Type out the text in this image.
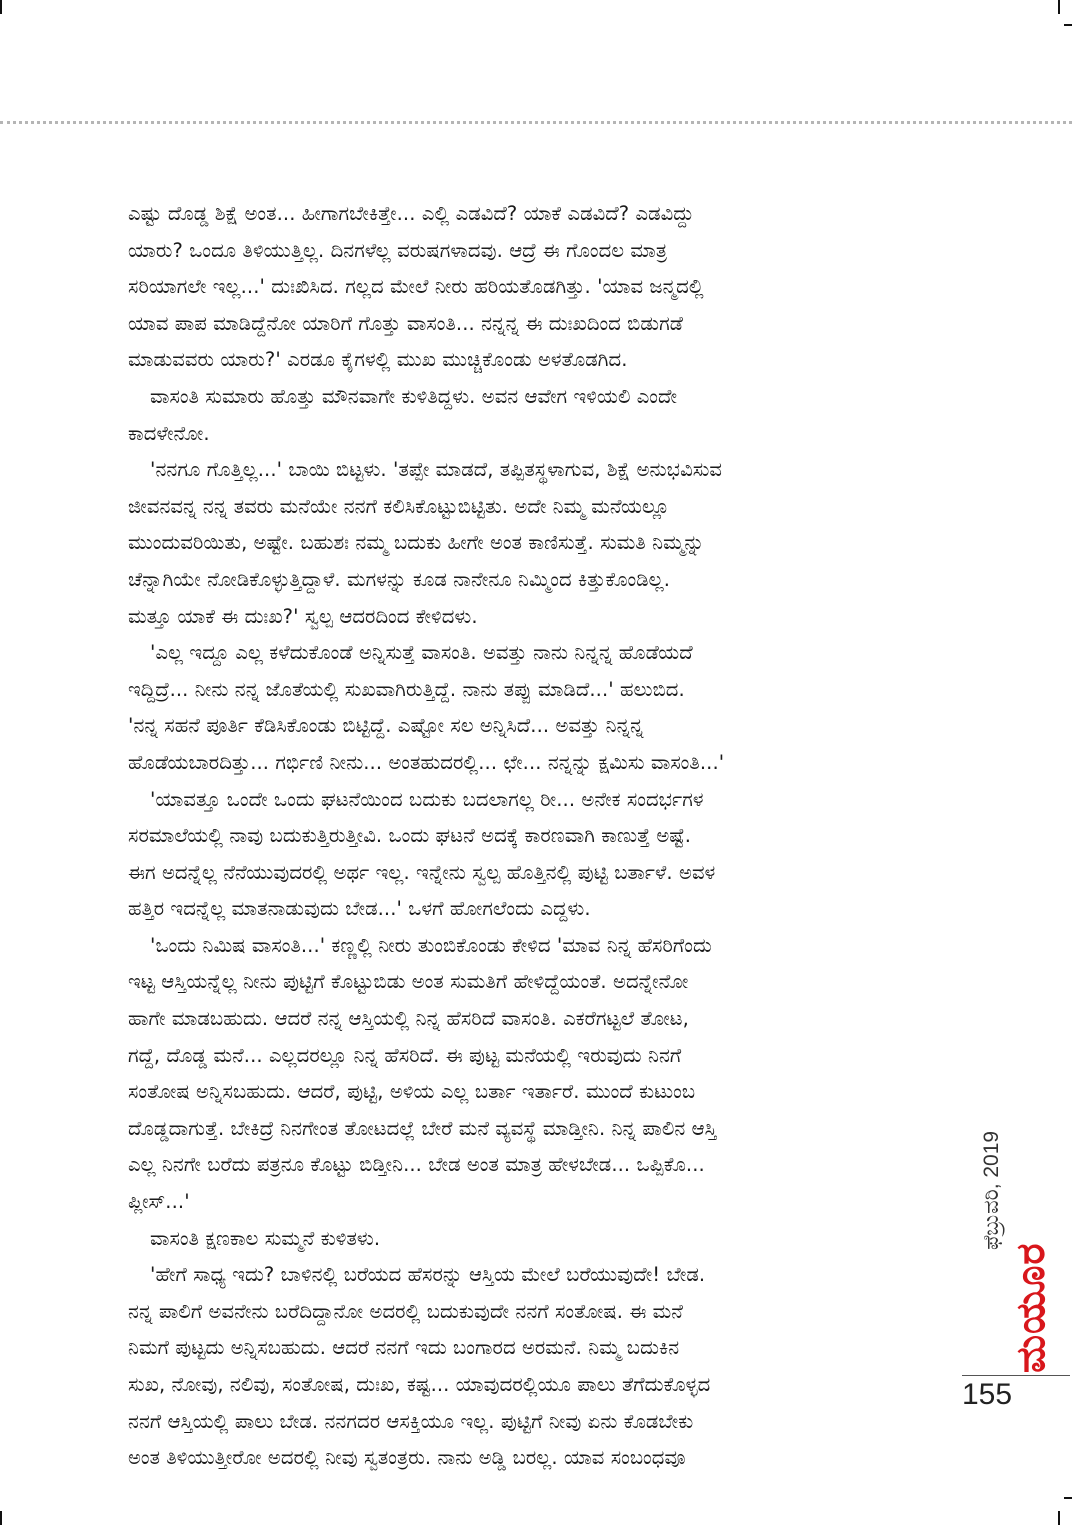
ಎಷ್ಟು ದೊಡ್ಡ ಶಿಕ್ಷೆ ಅಂತ... ಹೀಗಾಗಬೇಕಿತ್ತೇ... ಎಲ್ಲಿ ಎಡವಿದೆ? ಯಾಕೆ ಎಡವಿದೆ? ಎಡವಿದ್ದು
ಯಾರು? ಒಂದೂ ತಿಳಿಯುತ್ತಿಲ್ಲ. ದಿನಗಳೆಲ್ಲ ವರುಷಗಳಾದವು. ಆದ್ರೆ ಈ ಗೊಂದಲ ಮಾತ್ರ
ಸರಿಯಾಗಲೇ ಇಲ್ಲ...' ದುಃಖಿಸಿದ. ಗಲ್ಲದ ಮೇಲೆ ನೀರು ಹರಿಯತೊಡಗಿತ್ತು. 'ಯಾವ ಜನ್ಮದಲ್ಲಿ
ಯಾವ ಪಾಪ ಮಾಡಿದ್ದೆನೋ ಯಾರಿಗೆ ಗೊತ್ತು ವಾಸಂತಿ... ನನ್ನನ್ನ ಈ ದುಃಖದಿಂದ ಬಿಡುಗಡೆ
ಮಾಡುವವರು ಯಾರು?' ಎರಡೂ ಕೈಗಳಲ್ಲಿ ಮುಖ ಮುಚ್ಚಿಕೊಂಡು ಅಳತೊಡಗಿದ.
ವಾಸಂತಿ ಸುಮಾರು ಹೊತ್ತು ಮೌನವಾಗೇ ಕುಳಿತಿದ್ದಳು. ಅವನ ಆವೇಗ ಇಳಿಯಲಿ ಎಂದೇ
ಕಾದಳೇನೋ.
'ನನಗೂ ಗೊತ್ತಿಲ್ಲ...' ಬಾಯಿ ಬಿಟ್ಟಳು. 'ತಪ್ಪೇ ಮಾಡದೆ, ತಪ್ಪಿತಸ್ಥಳಾಗುವ, ಶಿಕ್ಷೆ ಅನುಭವಿಸುವ
ಜೀವನವನ್ನ ನನ್ನ ತವರು ಮನೆಯೇ ನನಗೆ ಕಲಿಸಿಕೊಟ್ಟುಬಿಟ್ಟಿತು. ಅದೇ ನಿಮ್ಮ ಮನೆಯಲ್ಲೂ
ಮುಂದುವರಿಯಿತು, ಅಷ್ಟೇ. ಬಹುಶಃ ನಮ್ಮ ಬದುಕು ಹೀಗೇ ಅಂತ ಕಾಣಿಸುತ್ತೆ. ಸುಮತಿ ನಿಮ್ಮನ್ನು
ಚೆನ್ನಾಗಿಯೇ ನೋಡಿಕೊಳ್ಳುತ್ತಿದ್ದಾಳೆ. ಮಗಳನ್ನು ಕೂಡ ನಾನೇನೂ ನಿಮ್ಮಿಂದ ಕಿತ್ತುಕೊಂಡಿಲ್ಲ.
ಮತ್ತೂ ಯಾಕೆ ಈ ದುಃಖ?' ಸ್ವಲ್ಪ ಆದರದಿಂದ ಕೇಳಿದಳು.
'ಎಲ್ಲ ಇದ್ದೂ ಎಲ್ಲ ಕಳೆದುಕೊಂಡೆ ಅನ್ನಿಸುತ್ತೆ ವಾಸಂತಿ. ಅವತ್ತು ನಾನು ನಿನ್ನನ್ನ ಹೊಡೆಯದೆ
ಇದ್ದಿದ್ರೆ... ನೀನು ನನ್ನ ಜೊತೆಯಲ್ಲಿ ಸುಖವಾಗಿರುತ್ತಿದ್ದೆ. ನಾನು ತಪ್ಪು ಮಾಡಿದೆ...' ಹಲುಬಿದ.
'ನನ್ನ ಸಹನೆ ಪೂರ್ತಿ ಕೆಡಿಸಿಕೊಂಡು ಬಿಟ್ಟಿದ್ದೆ. ಎಷ್ಟೋ ಸಲ ಅನ್ನಿಸಿದೆ... ಅವತ್ತು ನಿನ್ನನ್ನ
ಹೊಡೆಯಬಾರದಿತ್ತು... ಗರ್ಭಿಣಿ ನೀನು... ಅಂತಹುದರಲ್ಲಿ... ಛೇ... ನನ್ನನ್ನು ಕ್ಷಮಿಸು ವಾಸಂತಿ...'
'ಯಾವತ್ತೂ ಒಂದೇ ಒಂದು ಘಟನೆಯಿಂದ ಬದುಕು ಬದಲಾಗಲ್ಲ ರೀ... ಅನೇಕ ಸಂದರ್ಭಗಳ
ಸರಮಾಲೆಯಲ್ಲಿ ನಾವು ಬದುಕುತ್ತಿರುತ್ತೀವಿ. ಒಂದು ಘಟನೆ ಅದಕ್ಕೆ ಕಾರಣವಾಗಿ ಕಾಣುತ್ತೆ ಅಷ್ಟೆ.
ಈಗ ಅದನ್ನೆಲ್ಲ ನೆನೆಯುವುದರಲ್ಲಿ ಅರ್ಥ ಇಲ್ಲ. ಇನ್ನೇನು ಸ್ವಲ್ಪ ಹೊತ್ತಿನಲ್ಲಿ ಪುಟ್ಟಿ ಬರ್ತಾಳೆ. ಅವಳ
ಹತ್ತಿರ ಇದನ್ನೆಲ್ಲ ಮಾತನಾಡುವುದು ಬೇಡ...' ಒಳಗೆ ಹೋಗಲೆಂದು ಎದ್ದಳು.
'ಒಂದು ನಿಮಿಷ ವಾಸಂತಿ...' ಕಣ್ಣಲ್ಲಿ ನೀರು ತುಂಬಿಕೊಂಡು ಕೇಳಿದ 'ಮಾವ ನಿನ್ನ ಹೆಸರಿಗೆಂದು
ಇಟ್ಟ ಆಸ್ತಿಯನ್ನೆಲ್ಲ ನೀನು ಪುಟ್ಟಿಗೆ ಕೊಟ್ಟುಬಿಡು ಅಂತ ಸುಮತಿಗೆ ಹೇಳಿದ್ದೆಯಂತೆ. ಅದನ್ನೇನೋ
ಹಾಗೇ ಮಾಡಬಹುದು. ಆದರೆ ನನ್ನ ಆಸ್ತಿಯಲ್ಲಿ ನಿನ್ನ ಹೆಸರಿದೆ ವಾಸಂತಿ. ಎಕರೆಗಟ್ಟಲೆ ತೋಟ,
ಗದ್ದೆ, ದೊಡ್ಡ ಮನೆ... ಎಲ್ಲದರಲ್ಲೂ ನಿನ್ನ ಹೆಸರಿದೆ. ಈ ಪುಟ್ಟ ಮನೆಯಲ್ಲಿ ಇರುವುದು ನಿನಗೆ
ಸಂತೋಷ ಅನ್ನಿಸಬಹುದು. ಆದರೆ, ಪುಟ್ಟಿ, ಅಳಿಯ ಎಲ್ಲ ಬರ್ತಾ ಇರ್ತಾರೆ. ಮುಂದೆ ಕುಟುಂಬ
ದೊಡ್ಡದಾಗುತ್ತೆ. ಬೇಕಿದ್ರೆ ನಿನಗೇಂತ ತೋಟದಲ್ಲೆ ಬೇರೆ ಮನೆ ವ್ಯವಸ್ಥೆ ಮಾಡ್ತೀನಿ. ನಿನ್ನ ಪಾಲಿನ ಆಸ್ತಿ
ಎಲ್ಲ ನಿನಗೇ ಬರೆದು ಪತ್ರನೂ ಕೊಟ್ಟು ಬಿಡ್ತೀನಿ... ಬೇಡ ಅಂತ ಮಾತ್ರ ಹೇಳಬೇಡ... ಒಪ್ಪಿಕೊ...
ಪ್ಲೀಸ್...'
ವಾಸಂತಿ ಕ್ಷಣಕಾಲ ಸುಮ್ಮನೆ ಕುಳಿತಳು.
'ಹೇಗೆ ಸಾಧ್ಯ ಇದು? ಬಾಳಿನಲ್ಲಿ ಬರೆಯದ ಹೆಸರನ್ನು ಆಸ್ತಿಯ ಮೇಲೆ ಬರೆಯುವುದೇ! ಬೇಡ.
ನನ್ನ ಪಾಲಿಗೆ ಅವನೇನು ಬರೆದಿದ್ದಾನೋ ಅದರಲ್ಲಿ ಬದುಕುವುದೇ ನನಗೆ ಸಂತೋಷ. ಈ ಮನೆ
ನಿಮಗೆ ಪುಟ್ಟದು ಅನ್ನಿಸಬಹುದು. ಆದರೆ ನನಗೆ ಇದು ಬಂಗಾರದ ಅರಮನೆ. ನಿಮ್ಮ ಬದುಕಿನ
ಸುಖ, ನೋವು, ನಲಿವು, ಸಂತೋಷ, ದುಃಖ, ಕಷ್ಟ... ಯಾವುದರಲ್ಲಿಯೂ ಪಾಲು ತೆಗೆದುಕೊಳ್ಳದ
ನನಗೆ ಆಸ್ತಿಯಲ್ಲಿ ಪಾಲು ಬೇಡ. ನನಗದರ ಆಸಕ್ತಿಯೂ ಇಲ್ಲ. ಪುಟ್ಟಿಗೆ ನೀವು ಏನು ಕೊಡಬೇಕು
ಅಂತ ತಿಳಿಯುತ್ತೀರೋ ಅದರಲ್ಲಿ ನೀವು ಸ್ವತಂತ್ರರು. ನಾನು ಅಡ್ಡಿ ಬರಲ್ಲ. ಯಾವ ಸಂಬಂಧವೂ
ಫೆಬ್ರುವರಿ, 2019
ಮಯೂರ
155
